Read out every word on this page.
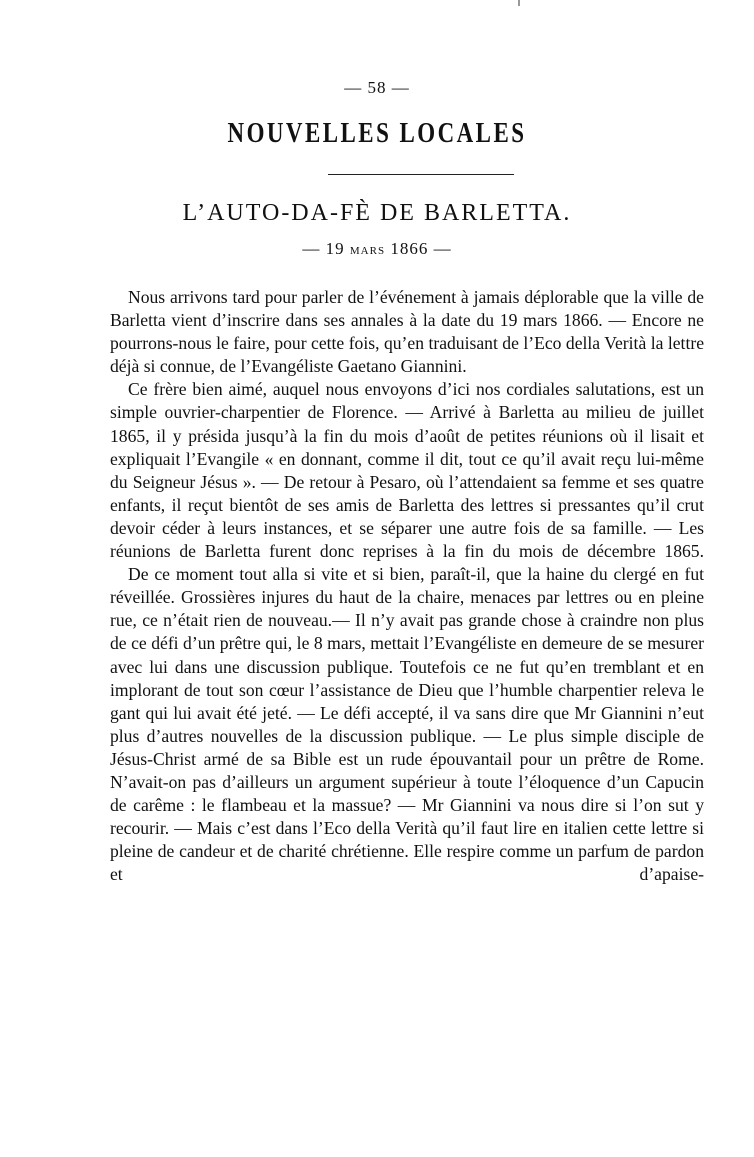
— 58 —
NOUVELLES LOCALES
L’AUTO-DA-FÈ DE BARLETTA.
— 19 mars 1866 —

Nous arrivons tard pour parler de l’événement à jamais déplorable que la ville de Barletta vient d’inscrire dans ses annales à la date du 19 mars 1866. — Encore ne pourrons-nous le faire, pour cette fois, qu’en traduisant de l’Eco della Verità la lettre déjà si connue, de l’Evangéliste Gaetano Giannini.

Ce frère bien aimé, auquel nous envoyons d’ici nos cordiales salutations, est un simple ouvrier-charpentier de Florence. — Arrivé à Barletta au milieu de juillet 1865, il y présida jusqu’à la fin du mois d’août de petites réunions où il lisait et expliquait l’Evangile « en donnant, comme il dit, tout ce qu’il avait reçu lui-même du Seigneur Jésus ». — De retour à Pesaro, où l’attendaient sa femme et ses quatre enfants, il reçut bientôt de ses amis de Barletta des lettres si pressantes qu’il crut devoir céder à leurs instances, et se séparer une autre fois de sa famille. — Les réunions de Barletta furent donc reprises à la fin du mois de décembre 1865.

De ce moment tout alla si vite et si bien, paraît-il, que la haine du clergé en fut réveillée. Grossières injures du haut de la chaire, menaces par lettres ou en pleine rue, ce n’était rien de nouveau.— Il n’y avait pas grande chose à craindre non plus de ce défi d’un prêtre qui, le 8 mars, mettait l’Evangéliste en demeure de se mesurer avec lui dans une discussion publique. Toutefois ce ne fut qu’en tremblant et en implorant de tout son cœur l’assistance de Dieu que l’humble charpentier releva le gant qui lui avait été jeté. — Le défi accepté, il va sans dire que Mr Giannini n’eut plus d’autres nouvelles de la discussion publique. — Le plus simple disciple de Jésus-Christ armé de sa Bible est un rude épouvantail pour un prêtre de Rome. N’avait-on pas d’ailleurs un argument supérieur à toute l’éloquence d’un Capucin de carême : le flambeau et la massue? — Mr Giannini va nous dire si l’on sut y recourir. — Mais c’est dans l’Eco della Verità qu’il faut lire en italien cette lettre si pleine de candeur et de charité chrétienne. Elle respire comme un parfum de pardon et d’apaise-
